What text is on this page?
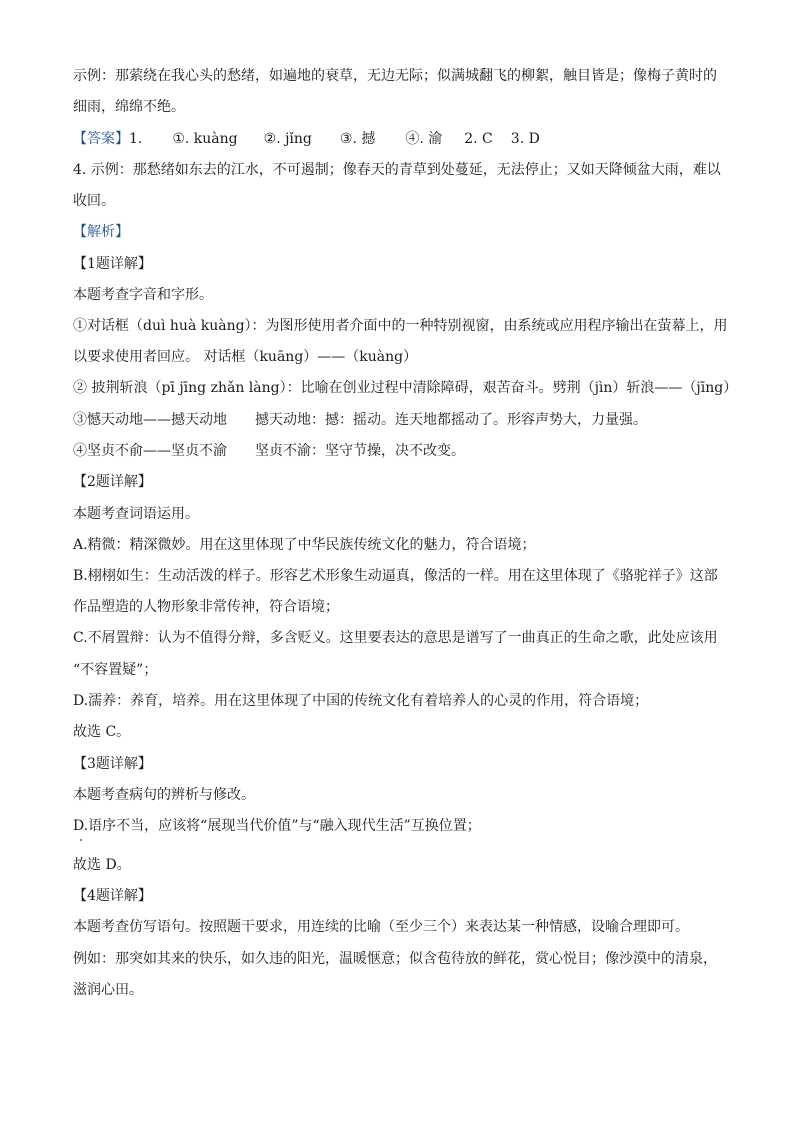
示例：那萦绕在我心头的愁绪，如遍地的衰草，无边无际；似满城翻飞的柳絮，触目皆是；像梅子黄时的
细雨，绵绵不绝。
【答案】1. ①. kuàng ②. jǐng ③. 撼 ④. 渝 2. C 3. D
4. 示例：那愁绪如东去的江水，不可遏制；像春天的青草到处蔓延，无法停止；又如天降倾盆大雨，难以
收回。
【解析】
【1题详解】
本题考查字音和字形。
①对话框（duì huà kuàng）：为图形使用者介面中的一种特别视窗，由系统或应用程序输出在萤幕上，用
以要求使用者回应。 对话框（kuāng）——（kuàng）
② 披荆斩浪（pī jīng zhǎn làng）：比喻在创业过程中清除障碍，艰苦奋斗。劈荆（jìn）斩浪——（jīng）
③憾天动地——撼天动地　　撼天动地：撼：摇动。连天地都摇动了。形容声势大，力量强。
④坚贞不俞——坚贞不渝　　坚贞不渝：坚守节操，决不改变。
【2题详解】
本题考查词语运用。
A.精微：精深微妙。用在这里体现了中华民族传统文化的魅力，符合语境；
B.栩栩如生：生动活泼的样子。形容艺术形象生动逼真，像活的一样。用在这里体现了《骆驼祥子》这部
作品塑造的人物形象非常传神，符合语境；
C.不屑置辩：认为不值得分辩，多含贬义。这里要表达的意思是谱写了一曲真正的生命之歌，此处应该用
“不容置疑”；
D.濡养：养育，培养。用在这里体现了中国的传统文化有着培养人的心灵的作用，符合语境；
故选 C。
【3题详解】
本题考查病句的辨析与修改。
D.语序不当，应该将“展现当代价值”与“融入现代生活”互换位置；
故选 D。
【4题详解】
本题考查仿写语句。按照题干要求，用连续的比喻（至少三个）来表达某一种情感，设喻合理即可。
例如：那突如其来的快乐，如久违的阳光，温暖惬意；似含苞待放的鲜花，赏心悦目；像沙漠中的清泉，
滋润心田。
